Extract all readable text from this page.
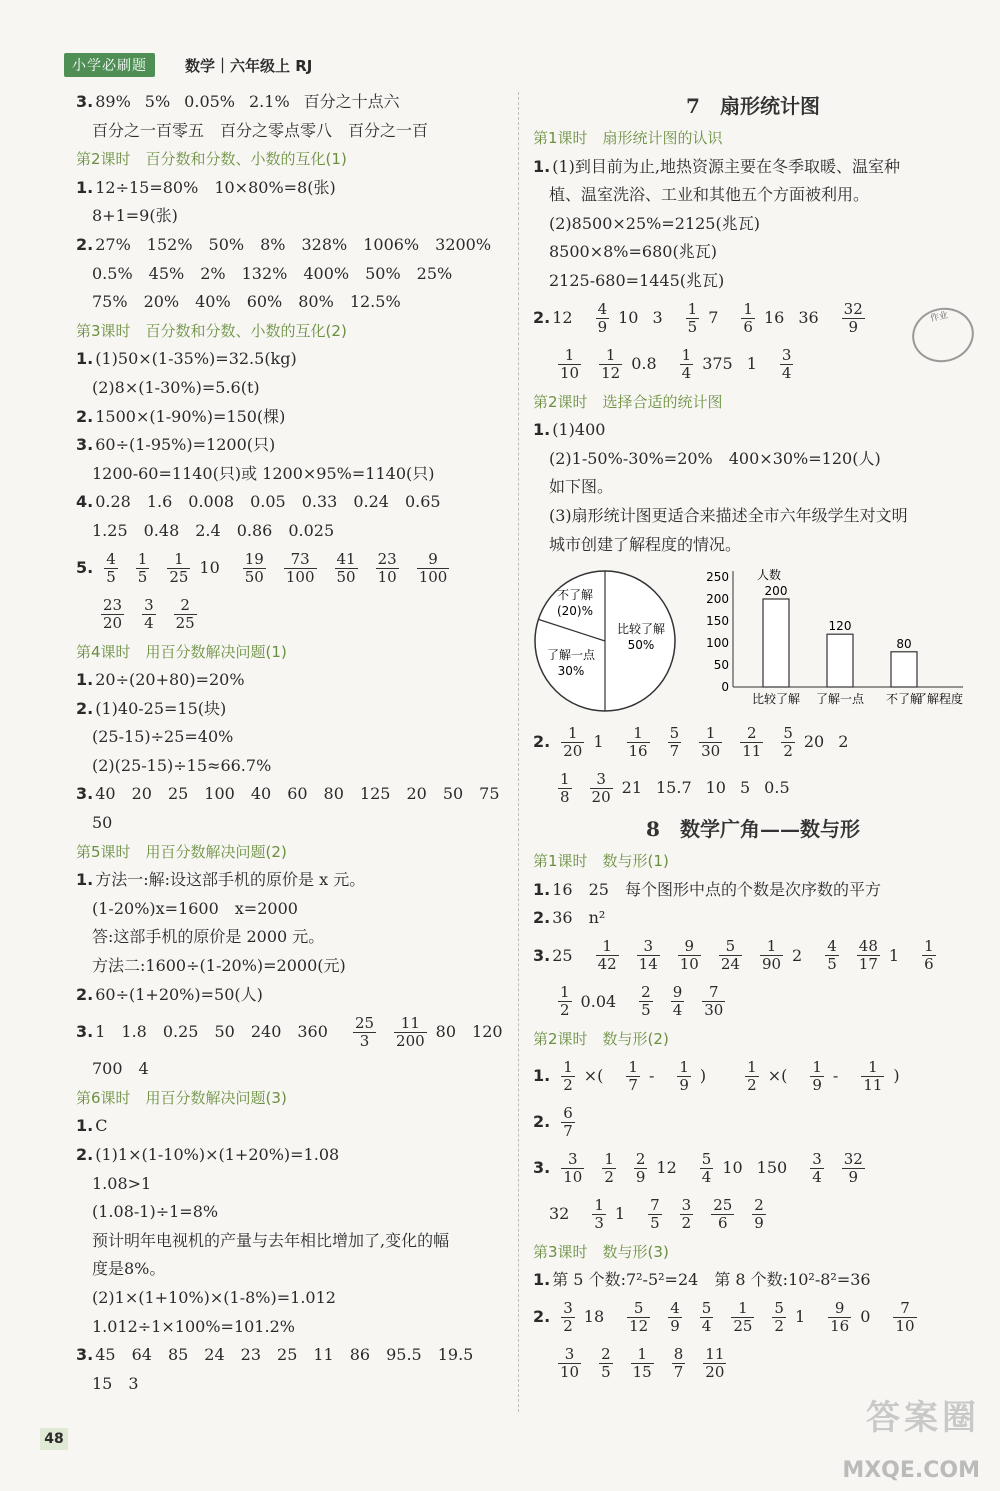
小学必刷题	数学｜六年级上 RJ
3. 89% 5% 0.05% 2.1% 百分之十点六
百分之一百零五　百分之零点零八　百分之一百
第2课时　百分数和分数、小数的互化(1)
1. 12÷15=80%　10×80%=8(张)
8+1=9(张)
2. 27%　152%　50%　8%　328%　1006%　3200%
0.5%　45%　2%　132%　400%　50%　25%
75%　20%　40%　60%　80%　12.5%
第3课时　百分数和分数、小数的互化(2)
1. (1)50×(1-35%)=32.5(kg)
(2)8×(1-30%)=5.6(t)
2. 1500×(1-90%)=150(棵)
3. 60÷(1-95%)=1200(只)
1200-60=1140(只)或 1200×95%=1140(只)
4. 0.28　1.6　0.008　0.05　0.33　0.24　0.65
1.25　0.48　2.4　0.86　0.025
5. $\frac{4}{5} \frac{1}{5} \frac{1}{25} 10 \frac{19}{50} \frac{73}{100} \frac{41}{50} \frac{23}{10} \frac{9}{100}$
$\frac{23}{20} \frac{3}{4} \frac{2}{25}$
第4课时　用百分数解决问题(1)
1. 20÷(20+80)=20%
2. (1)40-25=15(块)
(25-15)÷25=40%
(2)(25-15)÷15≈66.7%
3. 40　20　25　100　40　60　80　125　20　50　75
50
第5课时　用百分数解决问题(2)
1. 方法一:解:设这部手机的原价是 x 元。
(1-20%)x=1600　x=2000
答:这部手机的原价是 2000 元。
方法二:1600÷(1-20%)=2000(元)
2. 60÷(1+20%)=50(人)
3. 1　1.8　0.25　50　240　360
　 $\frac{25}{3} \frac{11}{200} 80$　120
700　4
第6课时　用百分数解决问题(3)
1. C
2. (1)1×(1-10%)×(1+20%)=1.08
1.08>1
(1.08-1)÷1=8%
预计明年电视机的产量与去年相比增加了,变化的幅
度是8%。
(2)1×(1+10%)×(1-8%)=1.012
1.012÷1×100%=101.2%
3. 45　64　85　24　23　25　11　86　95.5　19.5
15　3
7　扇形统计图
第1课时　扇形统计图的认识
1. (1)到目前为止,地热资源主要在冬季取暖、温室种
植、温室洗浴、工业和其他五个方面被利用。
(2)8500×25%=2125(兆瓦)
8500×8%=680(兆瓦)
2125-680=1445(兆瓦)
2. $12 \frac{4}{9} 10$ $3 \frac{1}{5} 7 \frac{1}{6} 16$ $36 \frac{32}{9}$
$\frac{1}{10} \frac{1}{12} 0.8 \frac{1}{4} 375$ $1 \frac{3}{4}$
第2课时　选择合适的统计图
1. (1)400
(2)1-50%-30%=20%　400×30%=120(人)
如下图。
(3)扇形统计图更适合来描述全市六年级学生对文明
城市创建了解程度的情况。
比较了解 50%
了解一点 30%
不了解(20)%
人数
0
50
100
150
200
250
200
比较了解
120
了解一点
80
不了解
了解程度
2. $\frac{1}{20} 1 \frac{1}{16} \frac{5}{7} \frac{1}{30} \frac{2}{11} \frac{5}{2} 20$ 2
$\frac{1}{8} \frac{3}{20} 21$ 15.7 10 5 0.5
8　数学广角——数与形
第1课时　数与形(1)
1. 16　25　每个图形中点的个数是次序数的平方
2. 36　n²
3. $25 \frac{1}{42} \frac{3}{14} \frac{9}{10} \frac{5}{24} \frac{1}{90} 2 \frac{4}{5} \frac{48}{17} 1 \frac{1}{6}$
$\frac{1}{2} 0.04 \frac{2}{5} \frac{9}{4} \frac{7}{30}$
第2课时　数与形(2)
1. $\frac{1}{2}$ ×( $\frac{1}{7} - \frac{1}{9}$ )　 $\frac{1}{2}$ ×( $\frac{1}{9} - \frac{1}{11}$ )
2. $\frac{6}{7}$
3. $\frac{3}{10} \frac{1}{2} \frac{2}{9} 12 \frac{5}{4} 10$ $150 \frac{3}{4} \frac{32}{9}$
$32 \frac{1}{3} 1 \frac{7}{5} \frac{3}{2} \frac{25}{6} \frac{2}{9}$
第3课时　数与形(3)
1. 第 5 个数:7²-5²=24　第 8 个数:10²-8²=36
2. $\frac{3}{2} 18 \frac{5}{12} \frac{4}{9} \frac{5}{4} \frac{1}{25} \frac{5}{2} 1 \frac{9}{16} 0 \frac{7}{10}$
$\frac{3}{10} \frac{2}{5} \frac{1}{15} \frac{8}{7} \frac{11}{20}$
作业
48
答案圈
MXQE.COM
